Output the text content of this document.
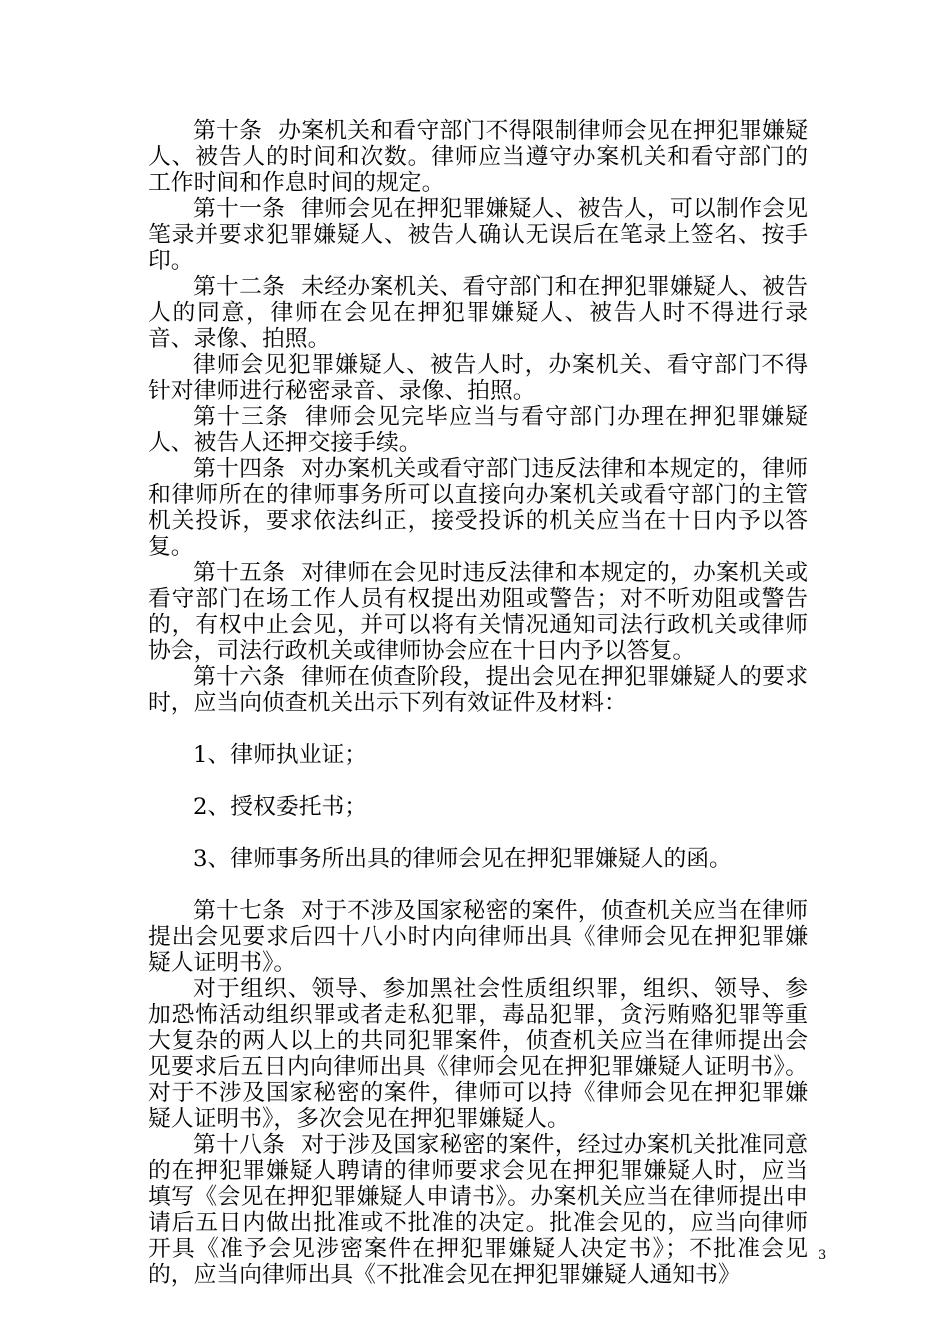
第十条 办案机关和看守部门不得限制律师会见在押犯罪嫌疑人、被告人的时间和次数。律师应当遵守办案机关和看守部门的工作时间和作息时间的规定。

第十一条 律师会见在押犯罪嫌疑人、被告人，可以制作会见笔录并要求犯罪嫌疑人、被告人确认无误后在笔录上签名、按手印。

第十二条 未经办案机关、看守部门和在押犯罪嫌疑人、被告人的同意，律师在会见在押犯罪嫌疑人、被告人时不得进行录音、录像、拍照。

律师会见犯罪嫌疑人、被告人时，办案机关、看守部门不得针对律师进行秘密录音、录像、拍照。

第十三条 律师会见完毕应当与看守部门办理在押犯罪嫌疑人、被告人还押交接手续。

第十四条 对办案机关或看守部门违反法律和本规定的，律师和律师所在的律师事务所可以直接向办案机关或看守部门的主管机关投诉，要求依法纠正，接受投诉的机关应当在十日内予以答复。

第十五条 对律师在会见时违反法律和本规定的，办案机关或看守部门在场工作人员有权提出劝阻或警告；对不听劝阻或警告的，有权中止会见，并可以将有关情况通知司法行政机关或律师协会，司法行政机关或律师协会应在十日内予以答复。

第十六条 律师在侦查阶段，提出会见在押犯罪嫌疑人的要求时，应当向侦查机关出示下列有效证件及材料：

1、律师执业证；

2、授权委托书；

3、律师事务所出具的律师会见在押犯罪嫌疑人的函。

第十七条 对于不涉及国家秘密的案件，侦查机关应当在律师提出会见要求后四十八小时内向律师出具《律师会见在押犯罪嫌疑人证明书》。

对于组织、领导、参加黑社会性质组织罪，组织、领导、参加恐怖活动组织罪或者走私犯罪，毒品犯罪，贪污贿赂犯罪等重大复杂的两人以上的共同犯罪案件，侦查机关应当在律师提出会见要求后五日内向律师出具《律师会见在押犯罪嫌疑人证明书》。对于不涉及国家秘密的案件，律师可以持《律师会见在押犯罪嫌疑人证明书》，多次会见在押犯罪嫌疑人。

第十八条 对于涉及国家秘密的案件，经过办案机关批准同意的在押犯罪嫌疑人聘请的律师要求会见在押犯罪嫌疑人时，应当填写《会见在押犯罪嫌疑人申请书》。办案机关应当在律师提出申请后五日内做出批准或不批准的决定。批准会见的，应当向律师开具《准予会见涉密案件在押犯罪嫌疑人决定书》；不批准会见的，应当向律师出具《不批准会见在押犯罪嫌疑人通知书》

3
